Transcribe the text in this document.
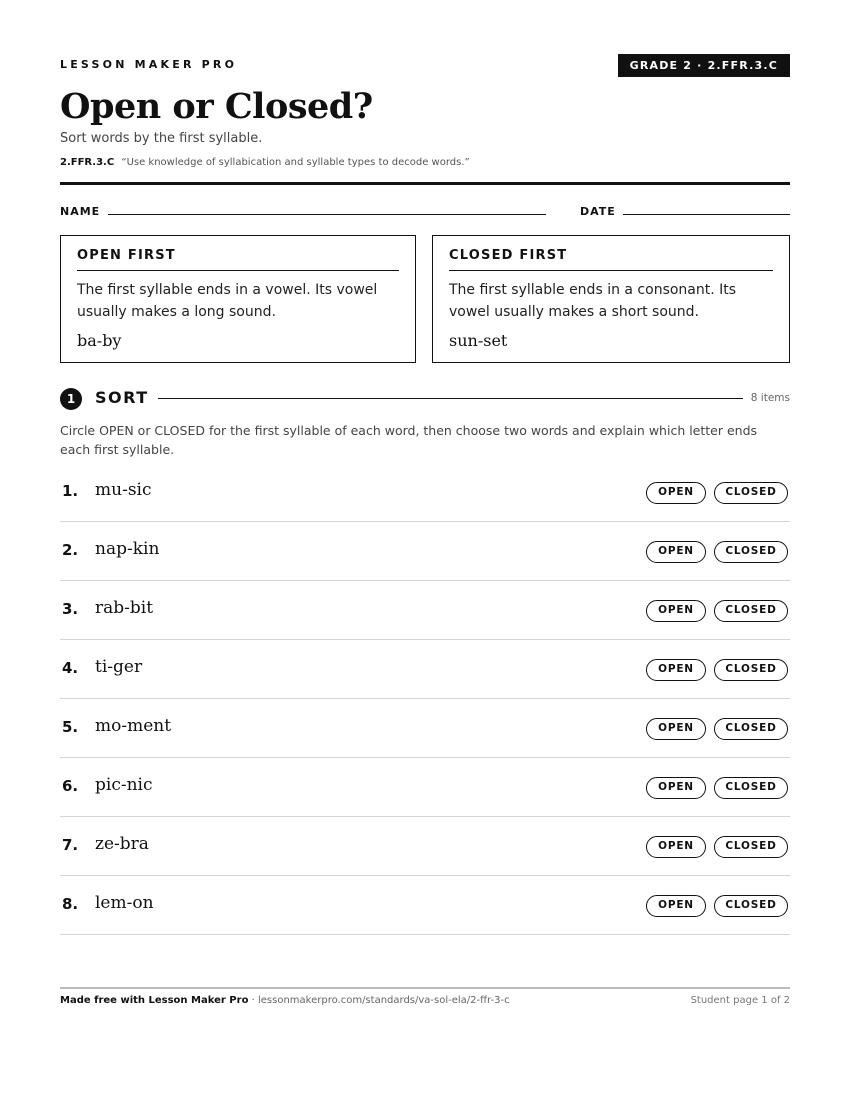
LESSON MAKER PRO	GRADE 2 · 2.FFR.3.C
Open or Closed?
Sort words by the first syllable.
2.FFR.3.C “Use knowledge of syllabication and syllable types to decode words.”
NAME	DATE
OPEN FIRST
The first syllable ends in a vowel. Its vowel usually makes a long sound.
ba-by
CLOSED FIRST
The first syllable ends in a consonant. Its vowel usually makes a short sound.
sun-set
1	SORT	8 items
Circle OPEN or CLOSED for the first syllable of each word, then choose two words and explain which letter ends each first syllable.
1. mu-sic	OPEN	CLOSED
2. nap-kin	OPEN	CLOSED
3. rab-bit	OPEN	CLOSED
4. ti-ger	OPEN	CLOSED
5. mo-ment	OPEN	CLOSED
6. pic-nic	OPEN	CLOSED
7. ze-bra	OPEN	CLOSED
8. lem-on	OPEN	CLOSED
Made free with Lesson Maker Pro · lessonmakerpro.com/standards/va-sol-ela/2-ffr-3-c	Student page 1 of 2
